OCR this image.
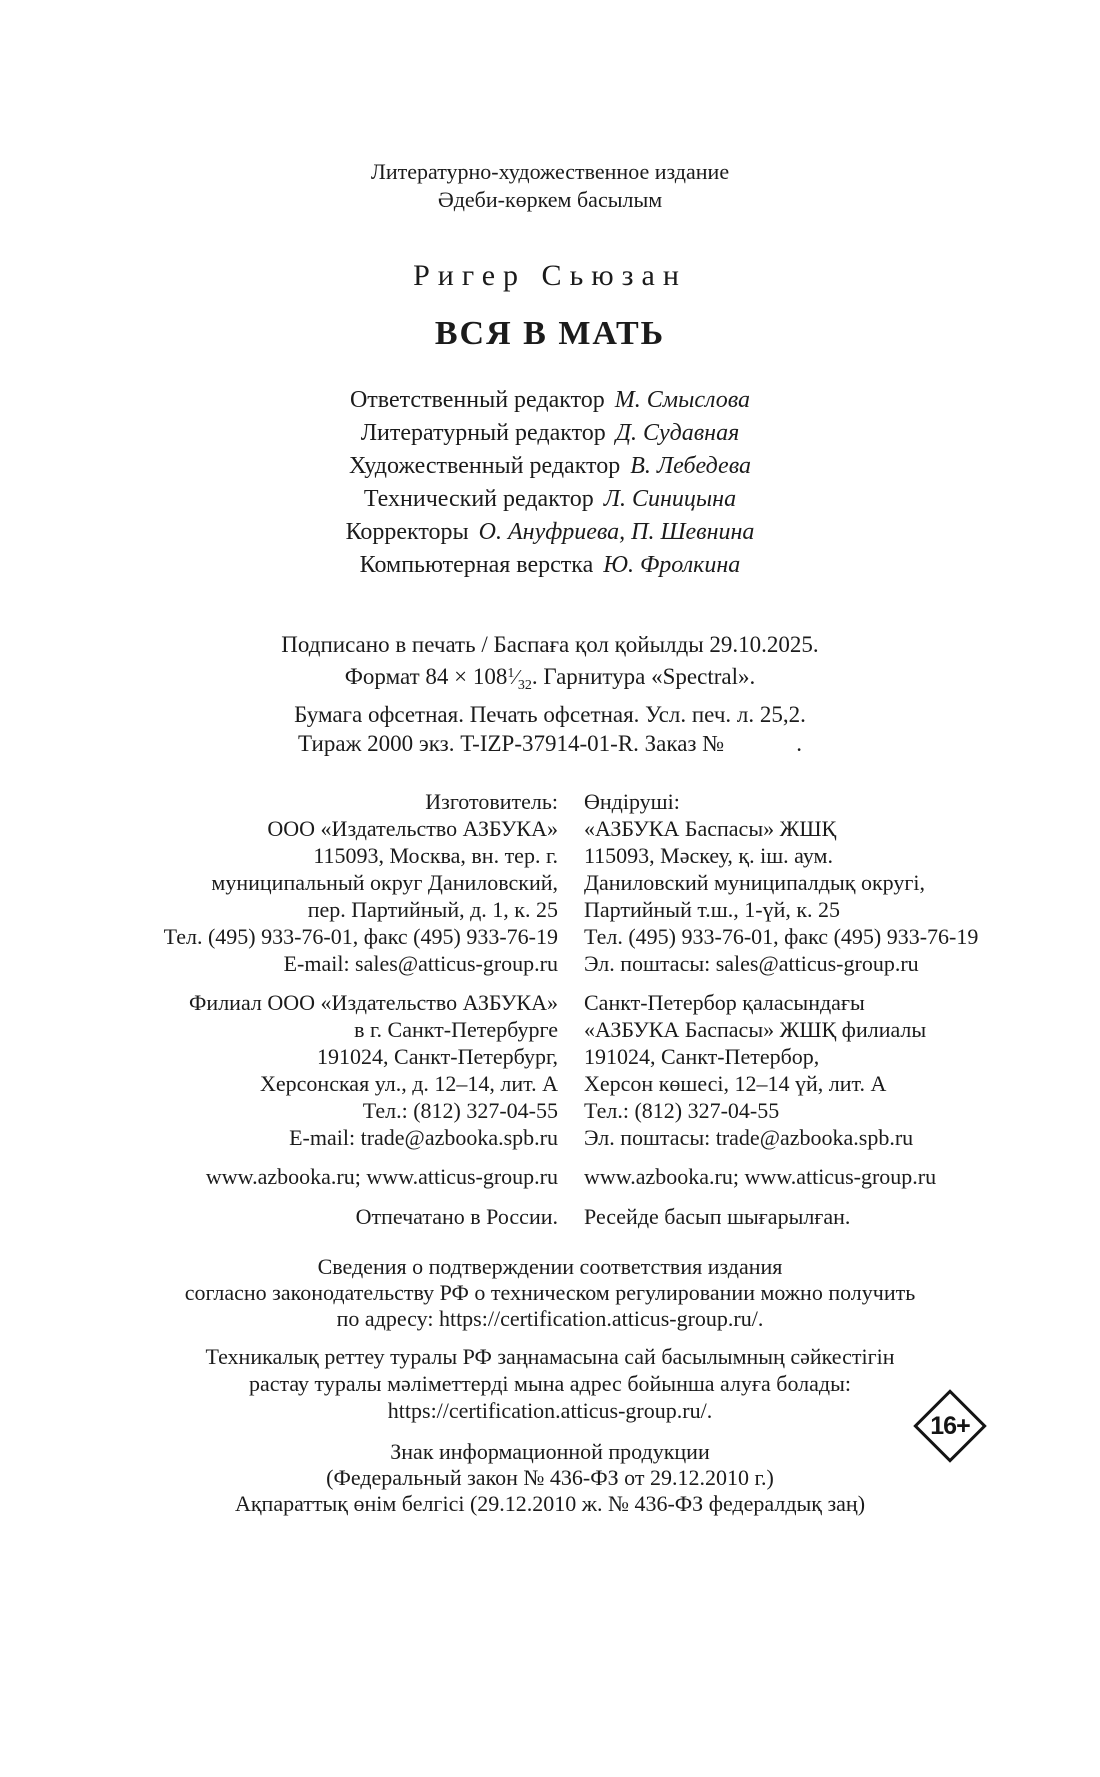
Литературно-художественное издание
Әдеби-көркем басылым
Ригер Сьюзан
ВСЯ В МАТЬ
Ответственный редактор М. Смыслова
Литературный редактор Д. Судавная
Художественный редактор В. Лебедева
Технический редактор Л. Синицына
Корректоры О. Ануфриева, П. Шевнина
Компьютерная верстка Ю. Фролкина
Подписано в печать / Баспаға қол қойылды 29.10.2025.
Формат $84 \times 108^1⁄_{32}$. Гарнитура «Spectral».
Бумага офсетная. Печать офсетная. Усл. печ. л. 25,2.
Тираж 2000 экз. T-IZP-37914-01-R. Заказ №	.
Изготовитель:	Өндіруші:
ООО «Издательство АЗБУКА»	«АЗБУКА Баспасы» ЖШҚ
115093, Москва, вн. тер. г.	115093, Мәскеу, қ. іш. аум.
муниципальный округ Даниловский,	Даниловский муниципалдық округі,
пер. Партийный, д. 1, к. 25	Партийный т.ш., 1-үй, к. 25
Тел. (495) 933-76-01, факс (495) 933-76-19	Тел. (495) 933-76-01, факс (495) 933-76-19
E-mail: sales@atticus-group.ru	Эл. поштасы: sales@atticus-group.ru
Филиал ООО «Издательство АЗБУКА»	Санкт-Петербор қаласындағы
в г. Санкт-Петербурге	«АЗБУКА Баспасы» ЖШҚ филиалы
191024, Санкт-Петербург,	191024, Санкт-Петербор,
Херсонская ул., д. 12–14, лит. А	Херсон көшесі, 12–14 үй, лит. А
Тел.: (812) 327-04-55	Тел.: (812) 327-04-55
E-mail: trade@azbooka.spb.ru	Эл. поштасы: trade@azbooka.spb.ru
www.azbooka.ru; www.atticus-group.ru	www.azbooka.ru; www.atticus-group.ru
Отпечатано в России.	Ресейде басып шығарылған.
Сведения о подтверждении соответствия издания
согласно законодательству РФ о техническом регулировании можно получить
по адресу: https://certification.atticus-group.ru/.
Техникалық реттеу туралы РФ заңнамасына сай басылымның сәйкестігін
растау туралы мәліметтерді мына адрес бойынша алуға болады:
https://certification.atticus-group.ru/.
Знак информационной продукции
(Федеральный закон № 436-ФЗ от 29.12.2010 г.)
Ақпараттық өнім белгісі (29.12.2010 ж. № 436-ФЗ федералдық заң)
16+
